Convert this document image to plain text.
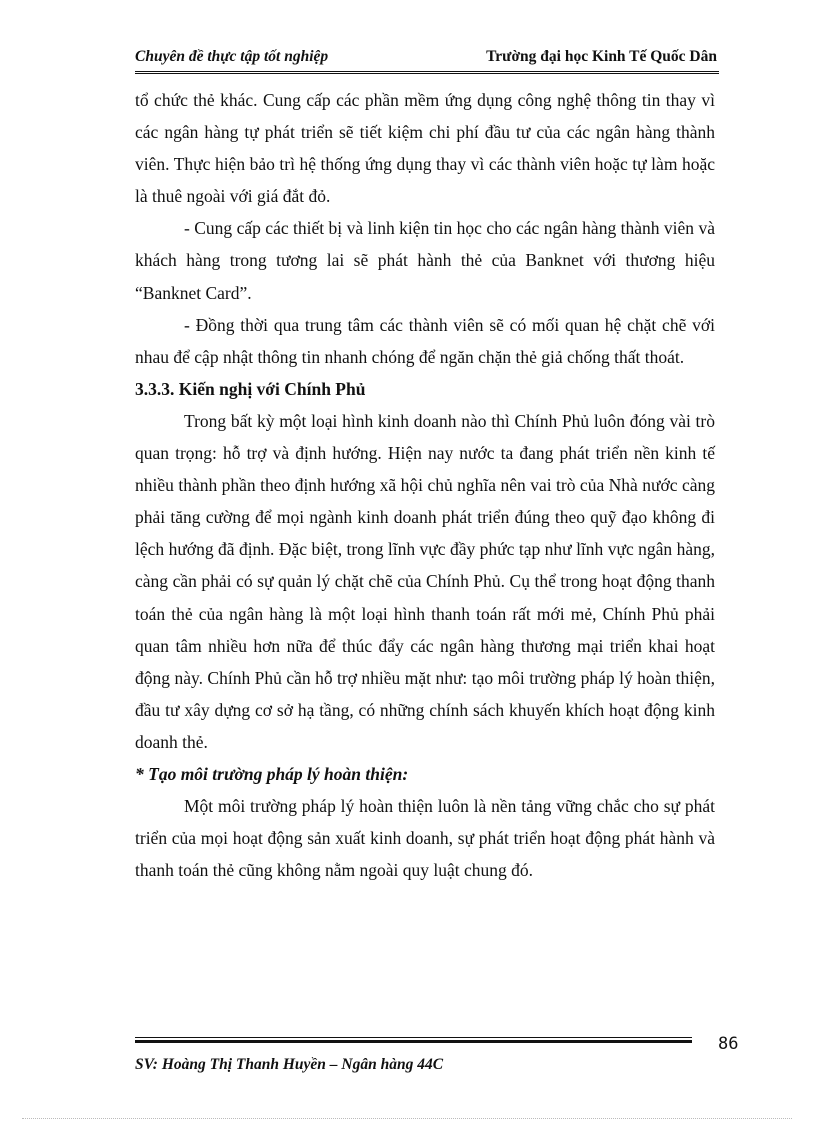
Chuyên đề thực tập tốt nghiệp	Trường đại học Kinh Tế Quốc Dân

tổ chức thẻ khác. Cung cấp các phần mềm ứng dụng công nghệ thông tin thay vì các ngân hàng tự phát triển sẽ tiết kiệm chi phí đầu tư của các ngân hàng thành viên. Thực hiện bảo trì hệ thống ứng dụng thay vì các thành viên hoặc tự làm hoặc là thuê ngoài với giá đắt đỏ.

- Cung cấp các thiết bị và linh kiện tin học cho các ngân hàng thành viên và khách hàng trong tương lai sẽ phát hành thẻ của Banknet với thương hiệu “Banknet Card”.

- Đồng thời qua trung tâm các thành viên sẽ có mối quan hệ chặt chẽ với nhau để cập nhật thông tin nhanh chóng để ngăn chặn thẻ giả chống thất thoát.

3.3.3. Kiến nghị với Chính Phủ

Trong bất kỳ một loại hình kinh doanh nào thì Chính Phủ luôn đóng vài trò quan trọng: hỗ trợ và định hướng. Hiện nay nước ta đang phát triển nền kinh tế nhiều thành phần theo định hướng xã hội chủ nghĩa nên vai trò của Nhà nước càng phải tăng cường để mọi ngành kinh doanh phát triển đúng theo quỹ đạo không đi lệch hướng đã định. Đặc biệt, trong lĩnh vực đầy phức tạp như lĩnh vực ngân hàng, càng cần phải có sự quản lý chặt chẽ của Chính Phủ. Cụ thể trong hoạt động thanh toán thẻ của ngân hàng là một loại hình thanh toán rất mới mẻ, Chính Phủ phải quan tâm nhiều hơn nữa để thúc đẩy các ngân hàng thương mại triển khai hoạt động này. Chính Phủ cần hỗ trợ nhiều mặt như: tạo môi trường pháp lý hoàn thiện, đầu tư xây dựng cơ sở hạ tầng, có những chính sách khuyến khích hoạt động kinh doanh thẻ.

* Tạo môi trường pháp lý hoàn thiện:

Một môi trường pháp lý hoàn thiện luôn là nền tảng vững chắc cho sự phát triển của mọi hoạt động sản xuất kinh doanh, sự phát triển hoạt động phát hành và thanh toán thẻ cũng không nằm ngoài quy luật chung đó.

86
SV: Hoàng Thị Thanh Huyền – Ngân hàng 44C
